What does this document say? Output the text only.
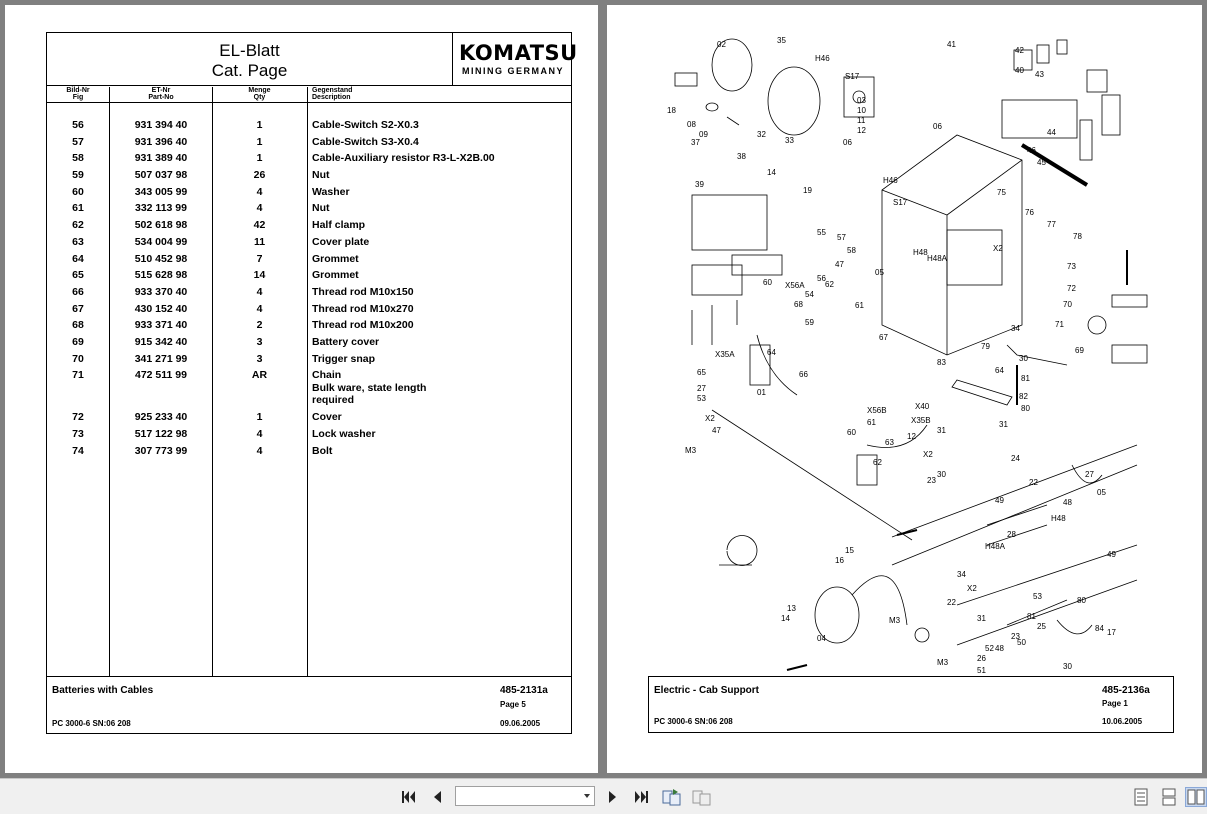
EL-Blatt
Cat. Page
KOMATSU
MINING GERMANY
Bild-Nr
Fig
ET-Nr
Part-No
Menge
Qty
Gegenstand
Description
56	931 394 40	1	Cable-Switch S2-X0.3
57	931 396 40	1	Cable-Switch S3-X0.4
58	931 389 40	1	Cable-Auxiliary resistor R3-L-X2B.00
59	507 037 98	26	Nut
60	343 005 99	4	Washer
61	332 113 99	4	Nut
62	502 618 98	42	Half clamp
63	534 004 99	11	Cover plate
64	510 452 98	7	Grommet
65	515 628 98	14	Grommet
66	933 370 40	4	Thread rod M10x150
67	430 152 40	4	Thread rod M10x270
68	933 371 40	2	Thread rod M10x200
69	915 342 40	3	Battery cover
70	341 271 99	3	Trigger snap
71	472 511 99	AR	Chain
Bulk ware, state length
required
72	925 233 40	1	Cover
73	517 122 98	4	Lock washer
74	307 773 99	4	Bolt
Batteries with Cables	485-2131a
Page 5
PC 3000-6 SN:06 208	09.06.2005
02	35
H46
18
08
09	32
33
S17
03
10
11
12
41
42
40 43
44
45
46
37
38
14
19
39
06
06
H46
S17
H48
H48A
X2
47
05
75
76
77
78
73
72
70
71
69
55
57
58
56
54
68
X56A	62
64
60
61
67
59
X35A
65	66
27
53
X2
47
01
M3
34
79
83
81
82
80
31
30
64
X56B
62
61
60
63
X40
X35B
12
31
X2
30
24
22
27
05
23
49	48
H48
28
H48A
49
34
X2
53	80
81
17
84
15
16
04
52
22
23
31
25
13
14	M3
48
50
30
26
51
M3
Electric - Cab Support	485-2136a
Page 1
PC 3000-6 SN:06 208	10.06.2005
